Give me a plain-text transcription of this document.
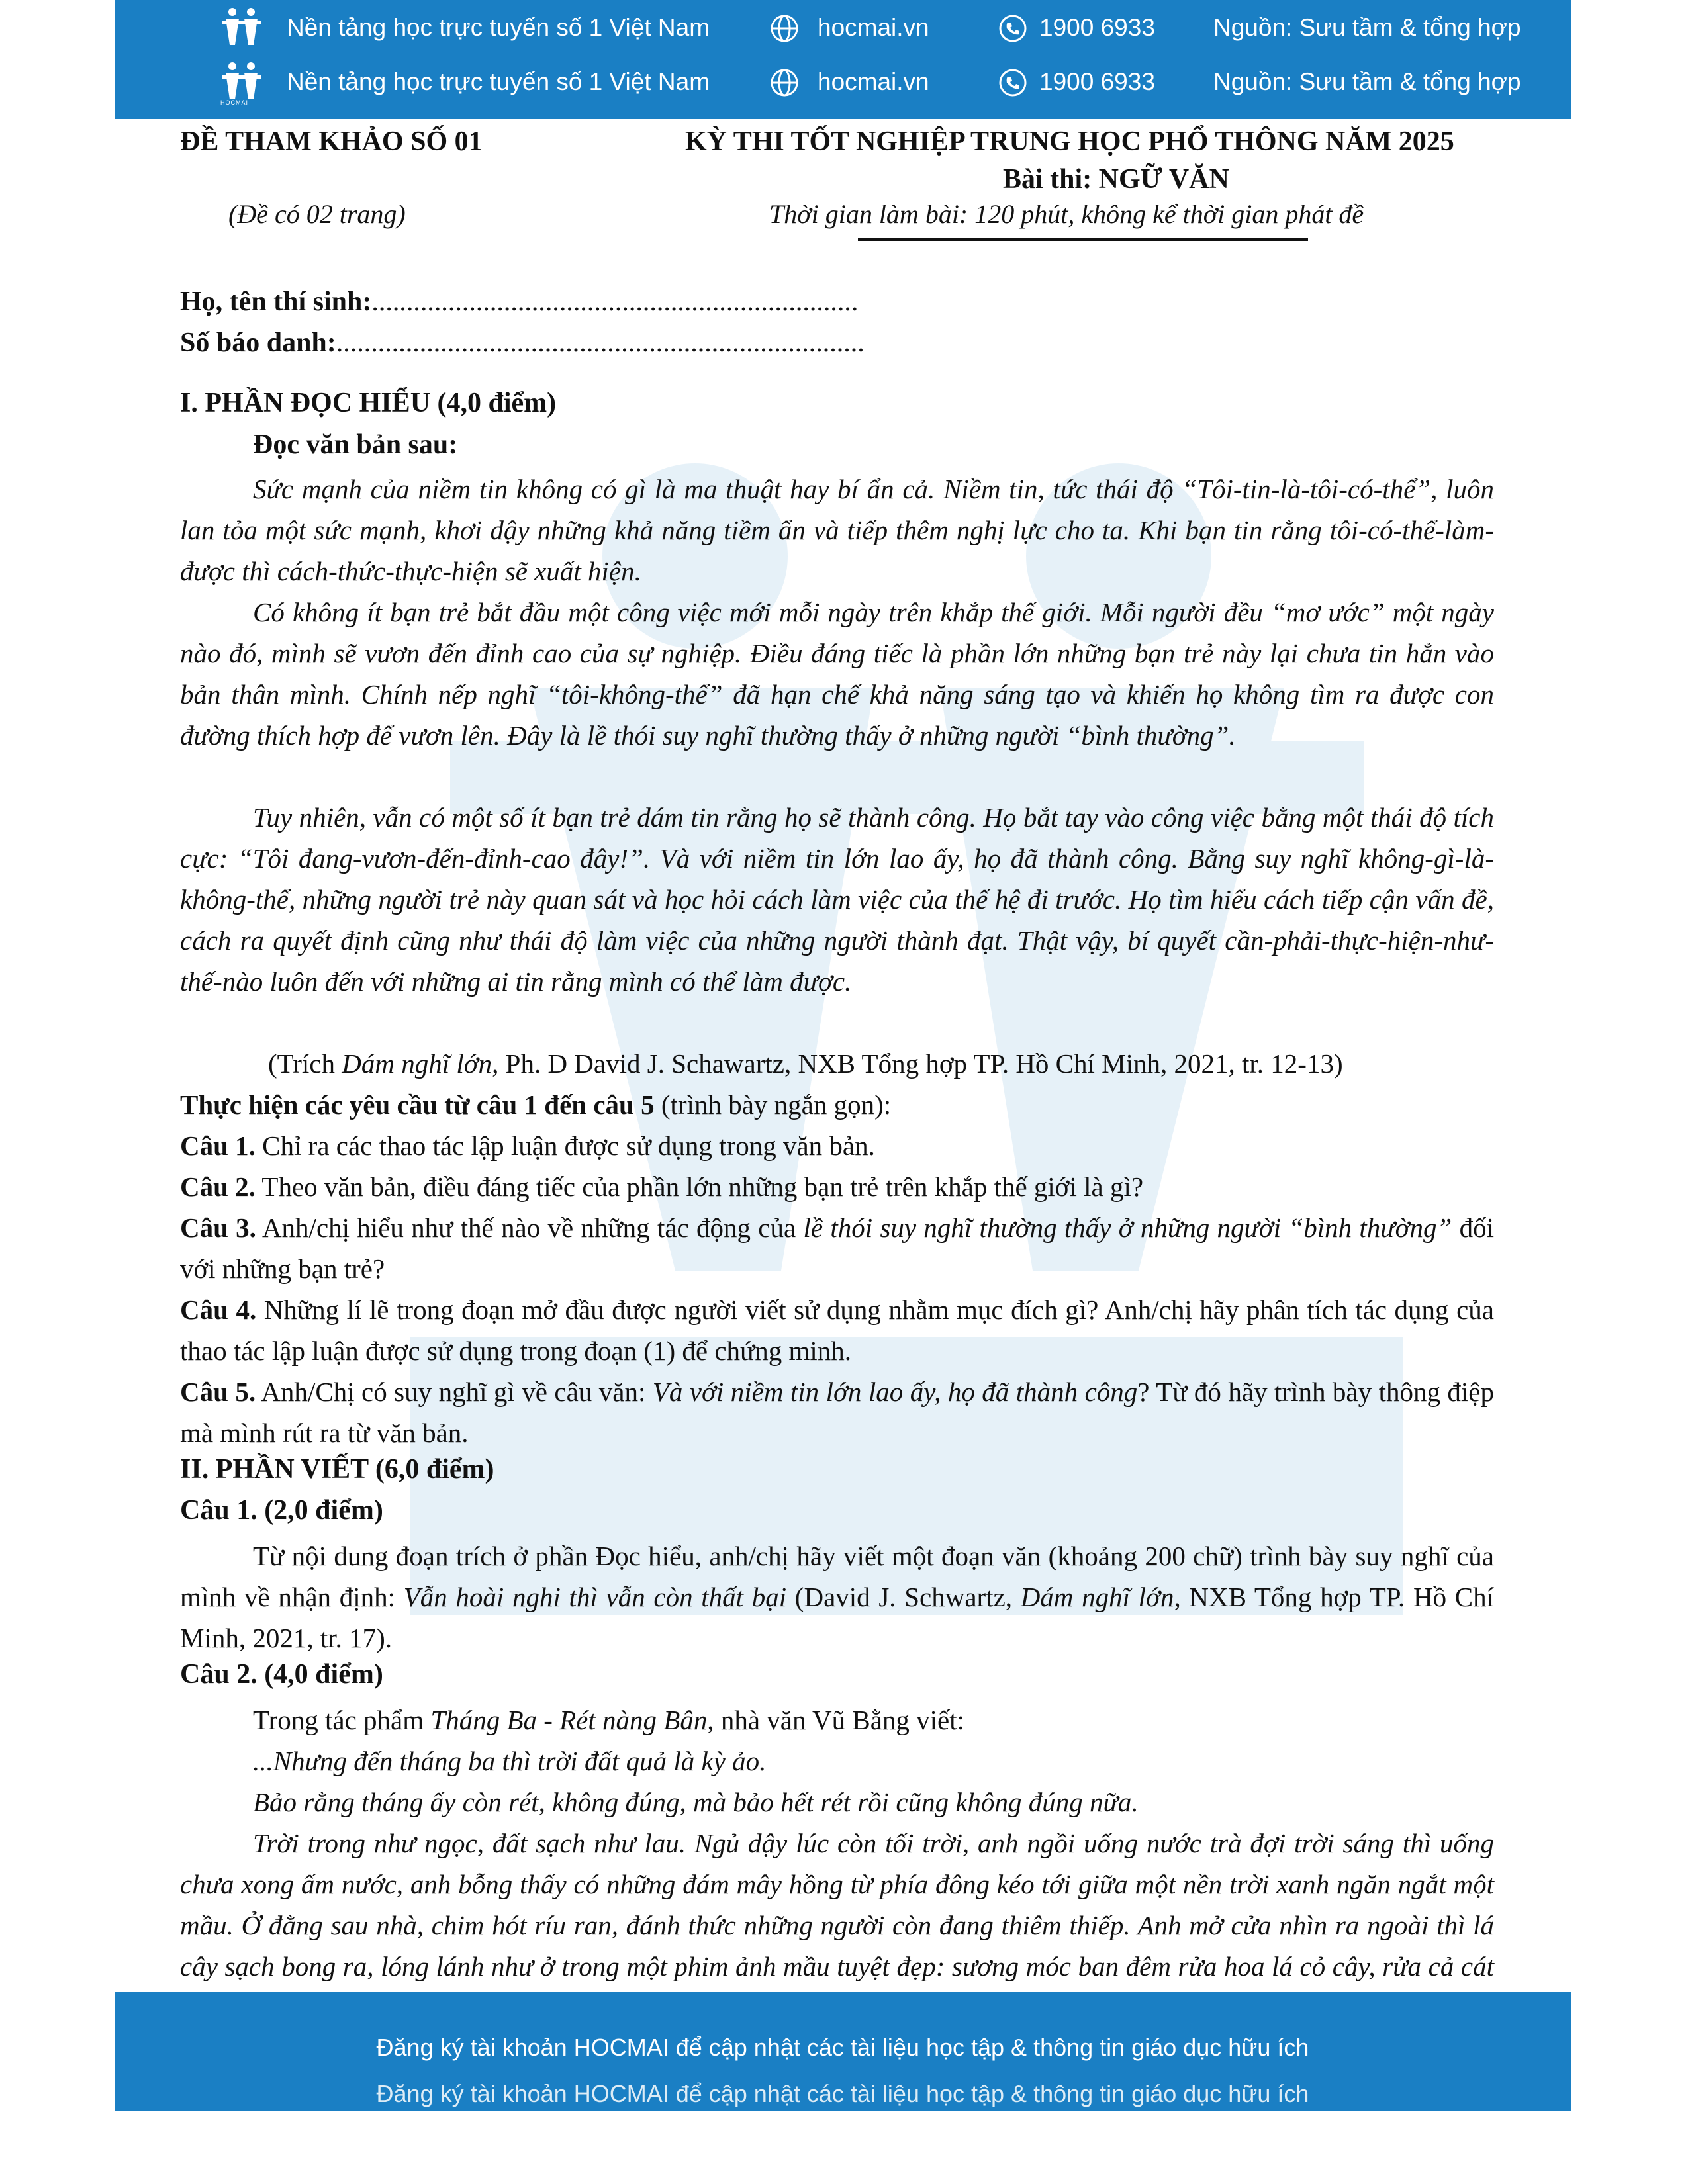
Nền tảng học trực tuyến số 1 Việt Nam	hocmai.vn	1900 6933 Nguồn: Sưu tầm & tổng hợp
HOCMAI
Nền tảng học trực tuyến số 1 Việt Nam	hocmai.vn	1900 6933 Nguồn: Sưu tầm & tổng hợp
ĐỀ THAM KHẢO SỐ 01
(Đề có 02 trang)
KỲ THI TỐT NGHIỆP TRUNG HỌC PHỔ THÔNG NĂM 2025
Bài thi: NGỮ VĂN
Thời gian làm bài: 120 phút, không kể thời gian phát đề
Họ, tên thí sinh:......................................................................
Số báo danh:............................................................................
I. PHẦN ĐỌC HIỂU (4,0 điểm)
Đọc văn bản sau:
Sức mạnh của niềm tin không có gì là ma thuật hay bí ẩn cả. Niềm tin, tức thái độ “Tôi-tin-là-tôi-có-thể”, luôn lan tỏa một sức mạnh, khơi dậy những khả năng tiềm ẩn và tiếp thêm nghị lực cho ta. Khi bạn tin rằng tôi-có-thể-làm-được thì cách-thức-thực-hiện sẽ xuất hiện.
Có không ít bạn trẻ bắt đầu một công việc mới mỗi ngày trên khắp thế giới. Mỗi người đều “mơ ước” một ngày nào đó, mình sẽ vươn đến đỉnh cao của sự nghiệp. Điều đáng tiếc là phần lớn những bạn trẻ này lại chưa tin hẳn vào bản thân mình. Chính nếp nghĩ “tôi-không-thể” đã hạn chế khả năng sáng tạo và khiến họ không tìm ra được con đường thích hợp để vươn lên. Đây là lề thói suy nghĩ thường thấy ở những người “bình thường”.
Tuy nhiên, vẫn có một số ít bạn trẻ dám tin rằng họ sẽ thành công. Họ bắt tay vào công việc bằng một thái độ tích cực: “Tôi đang-vươn-đến-đỉnh-cao đây!”. Và với niềm tin lớn lao ấy, họ đã thành công. Bằng suy nghĩ không-gì-là-không-thể, những người trẻ này quan sát và học hỏi cách làm việc của thế hệ đi trước. Họ tìm hiểu cách tiếp cận vấn đề, cách ra quyết định cũng như thái độ làm việc của những người thành đạt. Thật vậy, bí quyết cần-phải-thực-hiện-như-thế-nào luôn đến với những ai tin rằng mình có thể làm được.
(Trích Dám nghĩ lớn, Ph. D David J. Schawartz, NXB Tổng hợp TP. Hồ Chí Minh, 2021, tr. 12-13)
Thực hiện các yêu cầu từ câu 1 đến câu 5 (trình bày ngắn gọn):
Câu 1. Chỉ ra các thao tác lập luận được sử dụng trong văn bản.
Câu 2. Theo văn bản, điều đáng tiếc của phần lớn những bạn trẻ trên khắp thế giới là gì?
Câu 3. Anh/chị hiểu như thế nào về những tác động của lề thói suy nghĩ thường thấy ở những người “bình thường” đối với những bạn trẻ?
Câu 4. Những lí lẽ trong đoạn mở đầu được người viết sử dụng nhằm mục đích gì? Anh/chị hãy phân tích tác dụng của thao tác lập luận được sử dụng trong đoạn (1) để chứng minh.
Câu 5. Anh/Chị có suy nghĩ gì về câu văn: Và với niềm tin lớn lao ấy, họ đã thành công? Từ đó hãy trình bày thông điệp mà mình rút ra từ văn bản.
II. PHẦN VIẾT (6,0 điểm)
Câu 1. (2,0 điểm)
Từ nội dung đoạn trích ở phần Đọc hiểu, anh/chị hãy viết một đoạn văn (khoảng 200 chữ) trình bày suy nghĩ của mình về nhận định: Vẫn hoài nghi thì vẫn còn thất bại (David J. Schwartz, Dám nghĩ lớn, NXB Tổng hợp TP. Hồ Chí Minh, 2021, tr. 17).
Câu 2. (4,0 điểm)
Trong tác phẩm Tháng Ba - Rét nàng Bân, nhà văn Vũ Bằng viết:
...Nhưng đến tháng ba thì trời đất quả là kỳ ảo.
Bảo rằng tháng ấy còn rét, không đúng, mà bảo hết rét rồi cũng không đúng nữa.
Trời trong như ngọc, đất sạch như lau. Ngủ dậy lúc còn tối trời, anh ngồi uống nước trà đợi trời sáng thì uống chưa xong ấm nước, anh bỗng thấy có những đám mây hồng từ phía đông kéo tới giữa một nền trời xanh ngăn ngắt một mầu. Ở đằng sau nhà, chim hót ríu ran, đánh thức những người còn đang thiêm thiếp. Anh mở cửa nhìn ra ngoài thì lá cây sạch bong ra, lóng lánh như ở trong một phim ảnh mầu tuyệt đẹp: sương móc ban đêm rửa hoa lá cỏ cây, rửa cả cát
Đăng ký tài khoản HOCMAI để cập nhật các tài liệu học tập & thông tin giáo dục hữu ích
Đăng ký tài khoản HOCMAI để cập nhật các tài liệu học tập & thông tin giáo dục hữu ích
